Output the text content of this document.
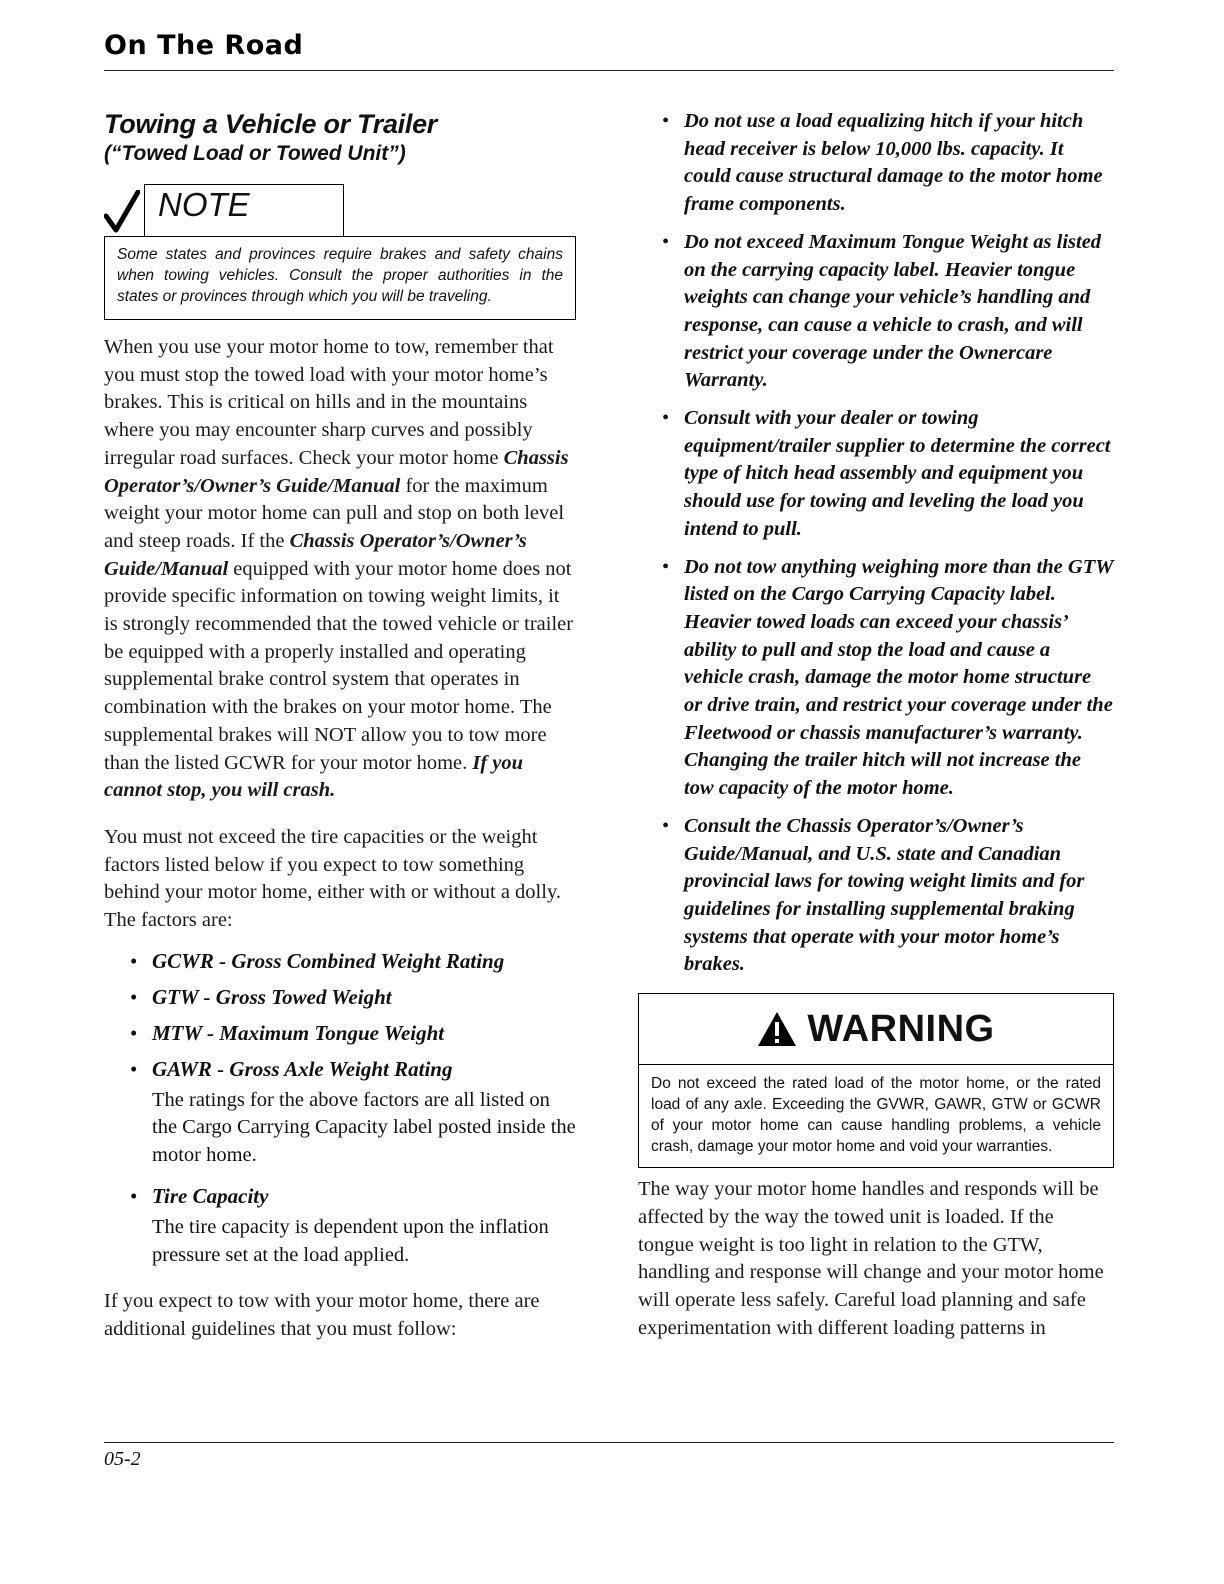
On The Road
Towing a Vehicle or Trailer
(“Towed Load or Towed Unit”)
NOTE

Some states and provinces require brakes and safety chains when towing vehicles. Consult the proper authorities in the states or provinces through which you will be traveling.

When you use your motor home to tow, remember that you must stop the towed load with your motor home’s brakes. This is critical on hills and in the mountains where you may encounter sharp curves and possibly irregular road surfaces. Check your motor home Chassis Operator’s/Owner’s Guide/Manual for the maximum weight your motor home can pull and stop on both level and steep roads. If the Chassis Operator’s/Owner’s Guide/Manual equipped with your motor home does not provide specific information on towing weight limits, it is strongly recommended that the towed vehicle or trailer be equipped with a properly installed and operating supplemental brake control system that operates in combination with the brakes on your motor home. The supplemental brakes will NOT allow you to tow more than the listed GCWR for your motor home. If you cannot stop, you will crash.

You must not exceed the tire capacities or the weight factors listed below if you expect to tow something behind your motor home, either with or without a dolly. The factors are:

• GCWR - Gross Combined Weight Rating
• GTW - Gross Towed Weight
• MTW - Maximum Tongue Weight
• GAWR - Gross Axle Weight Rating

The ratings for the above factors are all listed on the Cargo Carrying Capacity label posted inside the motor home.

• Tire Capacity

The tire capacity is dependent upon the inflation pressure set at the load applied.

If you expect to tow with your motor home, there are additional guidelines that you must follow:

• Do not use a load equalizing hitch if your hitch head receiver is below 10,000 lbs. capacity. It could cause structural damage to the motor home frame components.
• Do not exceed Maximum Tongue Weight as listed on the carrying capacity label. Heavier tongue weights can change your vehicle’s handling and response, can cause a vehicle to crash, and will restrict your coverage under the Ownercare Warranty.
• Consult with your dealer or towing equipment/trailer supplier to determine the correct type of hitch head assembly and equipment you should use for towing and leveling the load you intend to pull.
• Do not tow anything weighing more than the GTW listed on the Cargo Carrying Capacity label. Heavier towed loads can exceed your chassis’ ability to pull and stop the load and cause a vehicle crash, damage the motor home structure or drive train, and restrict your coverage under the Fleetwood or chassis manufacturer’s warranty. Changing the trailer hitch will not increase the tow capacity of the motor home.
• Consult the Chassis Operator’s/Owner’s Guide/Manual, and U.S. state and Canadian provincial laws for towing weight limits and for guidelines for installing supplemental braking systems that operate with your motor home’s brakes.
WARNING

Do not exceed the rated load of the motor home, or the rated load of any axle. Exceeding the GVWR, GAWR, GTW or GCWR of your motor home can cause handling problems, a vehicle crash, damage your motor home and void your warranties.

The way your motor home handles and responds will be affected by the way the towed unit is loaded. If the tongue weight is too light in relation to the GTW, handling and response will change and your motor home will operate less safely. Careful load planning and safe experimentation with different loading patterns in

05-2
